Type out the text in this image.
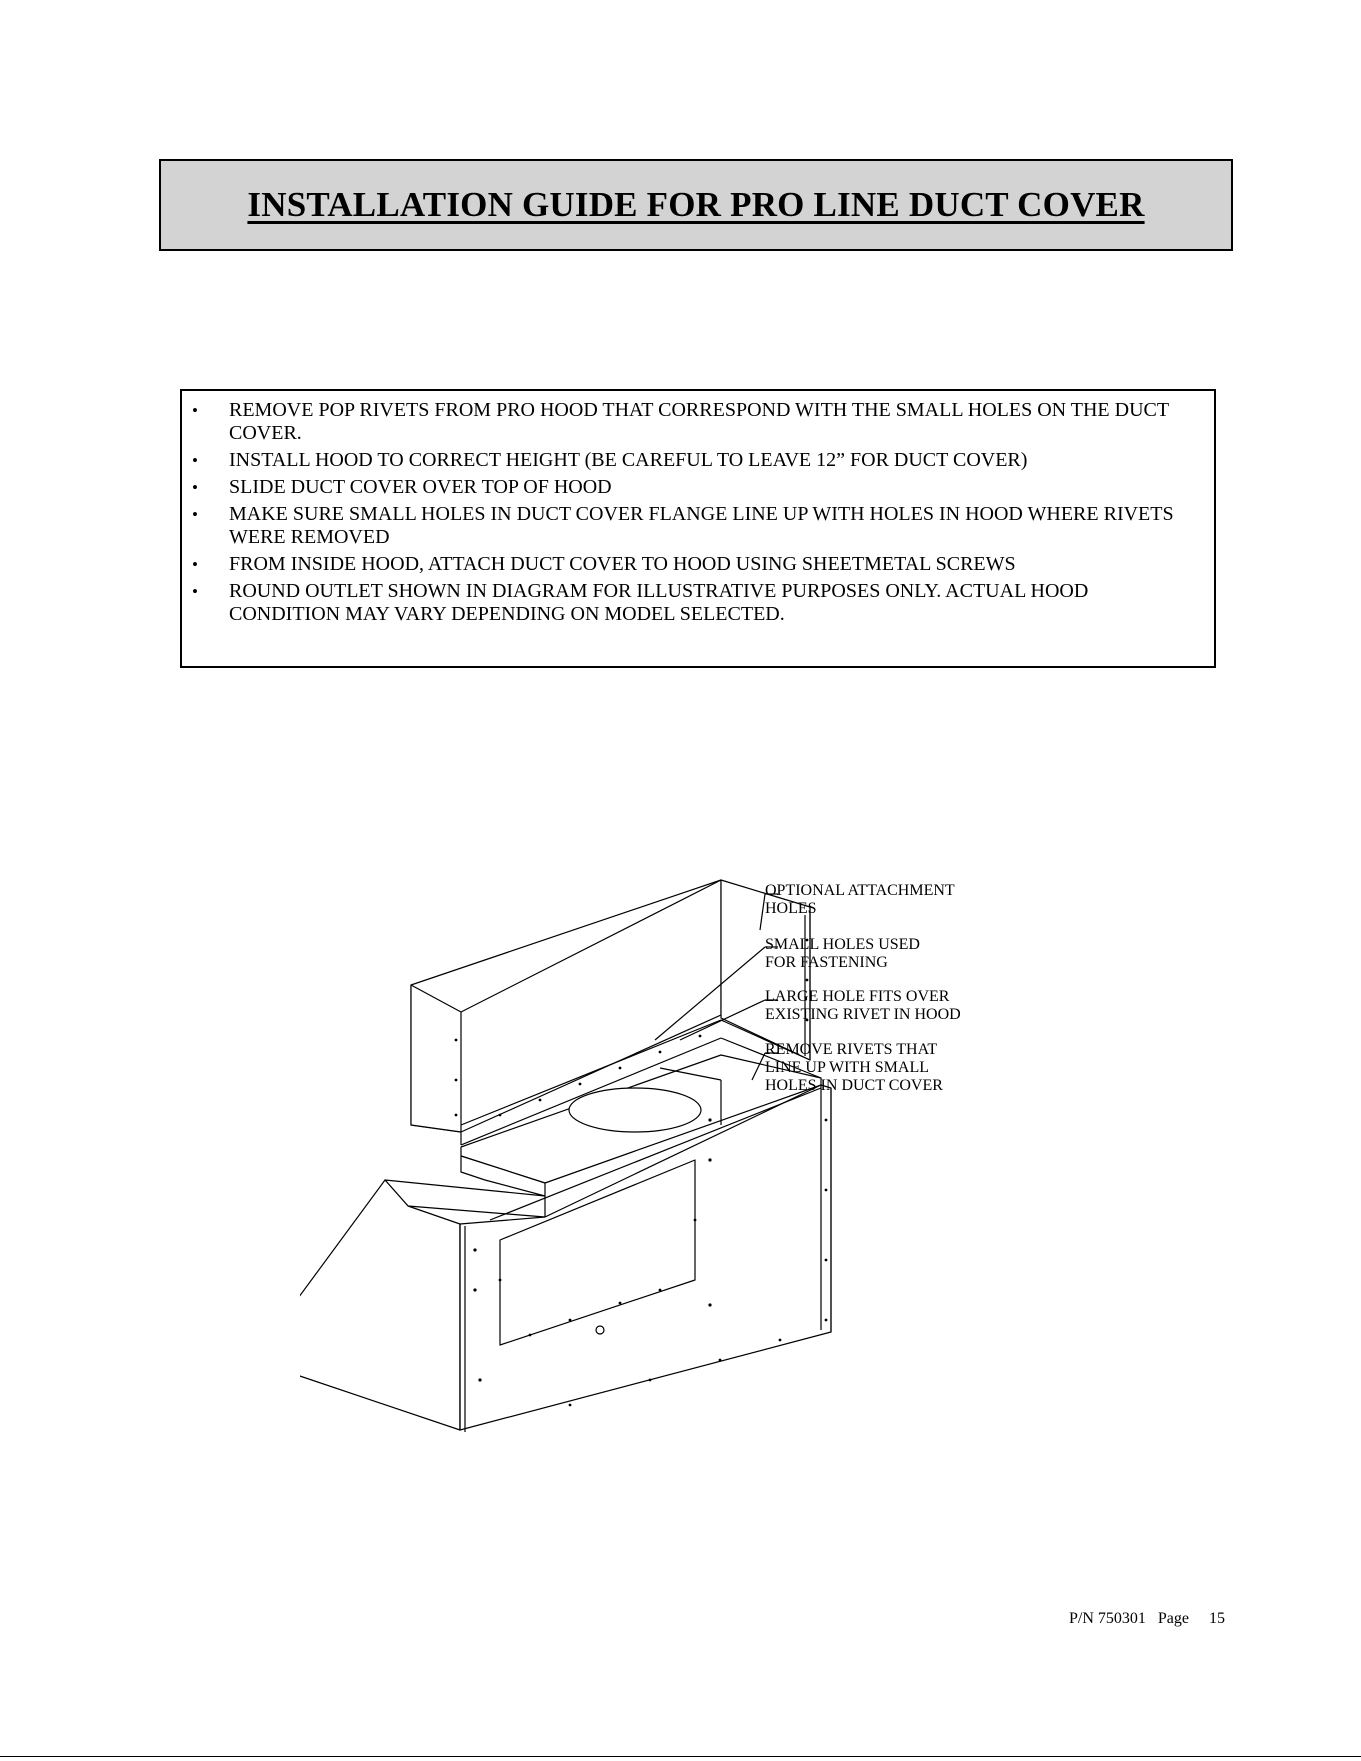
INSTALLATION GUIDE FOR PRO LINE DUCT COVER
• REMOVE POP RIVETS FROM PRO HOOD THAT CORRESPOND WITH THE SMALL HOLES ON THE DUCT COVER.
• INSTALL HOOD TO CORRECT HEIGHT (BE CAREFUL TO LEAVE 12” FOR DUCT COVER)
• SLIDE DUCT COVER OVER TOP OF HOOD
• MAKE SURE SMALL HOLES IN DUCT COVER FLANGE LINE UP WITH HOLES IN HOOD WHERE RIVETS WERE REMOVED
• FROM INSIDE HOOD, ATTACH DUCT COVER TO HOOD USING SHEETMETAL SCREWS
• ROUND OUTLET SHOWN IN DIAGRAM FOR ILLUSTRATIVE PURPOSES ONLY. ACTUAL HOOD CONDITION MAY VARY DEPENDING ON MODEL SELECTED.
OPTIONAL ATTACHMENT HOLES
SMALL HOLES USED FOR FASTENING
LARGE HOLE FITS OVER EXISTING RIVET IN HOOD
REMOVE RIVETS THAT LINE UP WITH SMALL HOLES IN DUCT COVER
P/N 750301 Page 15
